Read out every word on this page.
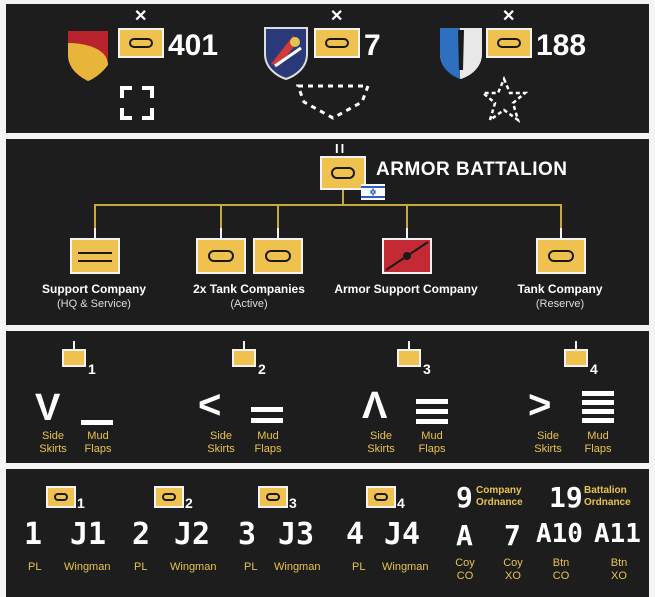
✕
401
✕
7
✕
188
II
ARMOR BATTALION
Support Company
(HQ & Service)
2x Tank Companies
(Active)
Armor Support Company	Tank Company
(Reserve)
1
V
Side
Skirts
Mud
Flaps
2
<
Side
Skirts
Mud
Flaps
3
Λ
Side
Skirts
Mud
Flaps
4
>
Side
Skirts
Mud
Flaps
1
1 J1
PL Wingman
2
2 J2
PL Wingman
3
3 J3
PL Wingman
4
4 J4
PL Wingman
9 Company
Ordnance 19 Battalion
Ordnance
A
Coy
CO
7
Coy
XO
A10
Btn
CO
A11
Btn
XO
